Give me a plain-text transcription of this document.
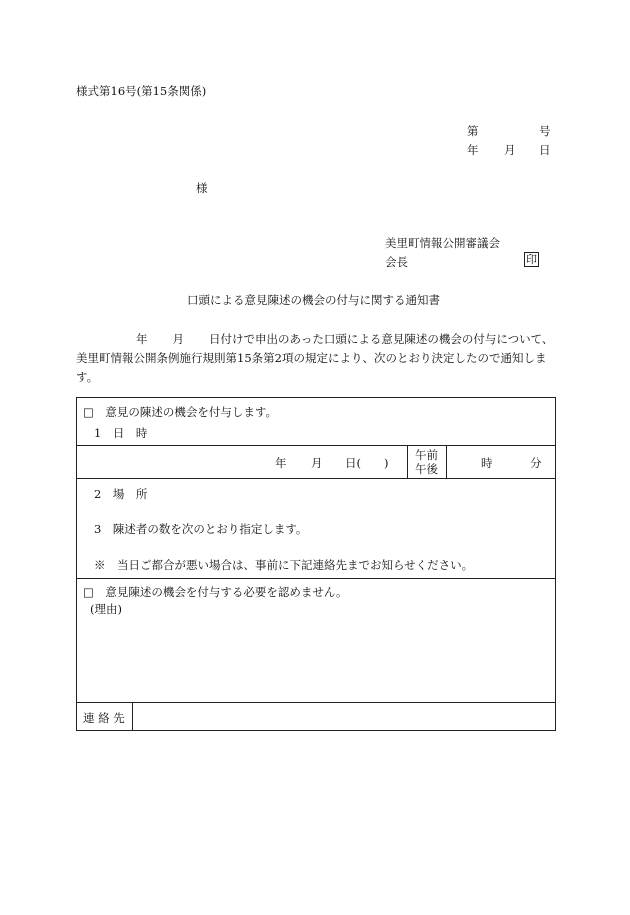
様式第16号(第15条関係)
第	号
年 月 日
様
美里町情報公開審議会
会長	印
口頭による意見陳述の機会の付与に関する通知書
年 月 日付けで申出のあった口頭による意見陳述の機会の付与について、美里町情報公開条例施行規則第15条第2項の規定により、次のとおり決定したので通知します。
□　意見の陳述の機会を付与します。
1　日　時
年 月 日(　　)
午前
午後	時	分
2　場　所
3　陳述者の数を次のとおり指定します。
※　当日ご都合が悪い場合は、事前に下記連絡先までお知らせください。
□　意見陳述の機会を付与する必要を認めません。
(理由)
連 絡 先
